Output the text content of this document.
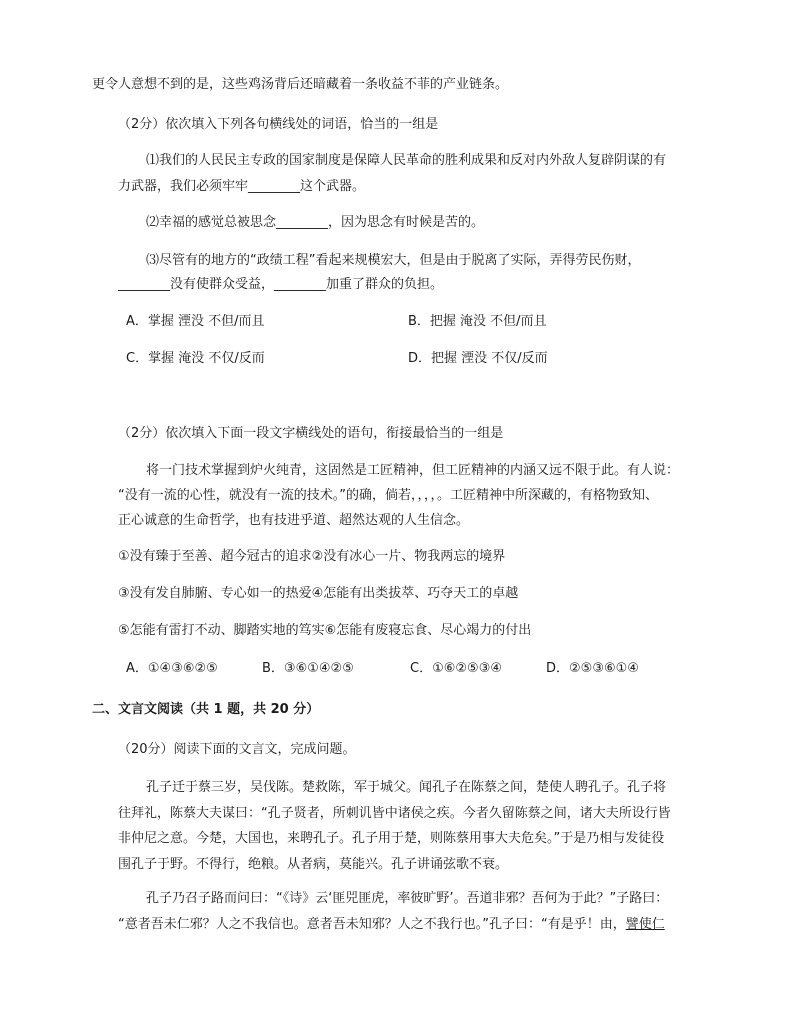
更令人意想不到的是，这些鸡汤背后还暗藏着一条收益不菲的产业链条。
（2分）依次填入下列各句横线处的词语，恰当的一组是
⑴我们的人民民主专政的国家制度是保障人民革命的胜利成果和反对内外敌人复辟阴谋的有
力武器，我们必须牢牢________这个武器。
⑵幸福的感觉总被思念________，因为思念有时候是苦的。
⑶尽管有的地方的“政绩工程”看起来规模宏大，但是由于脱离了实际，弄得劳民伤财，
________没有使群众受益，________加重了群众的负担。
A．掌握 湮没 不但/而且	B．把握 淹没 不但/而且
C．掌握 淹没 不仅/反而	D．把握 湮没 不仅/反而
（2分）依次填入下面一段文字横线处的语句，衔接最恰当的一组是
将一门技术掌握到炉火纯青，这固然是工匠精神，但工匠精神的内涵又远不限于此。有人说：
“没有一流的心性，就没有一流的技术。”的确，倘若，，，，。工匠精神中所深藏的，有格物致知、
正心诚意的生命哲学，也有技进乎道、超然达观的人生信念。
①没有臻于至善、超今冠古的追求②没有冰心一片、物我两忘的境界
③没有发自肺腑、专心如一的热爱④怎能有出类拔萃、巧夺天工的卓越
⑤怎能有雷打不动、脚踏实地的笃实⑥怎能有废寝忘食、尽心竭力的付出
A．①④③⑥②⑤	B．③⑥①④②⑤	C．①⑥②⑤③④	D．②⑤③⑥①④
二、文言文阅读（共 1 题，共 20 分）
（20分）阅读下面的文言文，完成问题。
孔子迁于蔡三岁，吴伐陈。楚救陈，军于城父。闻孔子在陈蔡之间，楚使人聘孔子。孔子将
往拜礼，陈蔡大夫谋曰：“孔子贤者，所刺讥皆中诸侯之疾。今者久留陈蔡之间，诸大夫所设行皆
非仲尼之意。今楚，大国也，来聘孔子。孔子用于楚，则陈蔡用事大夫危矣。”于是乃相与发徒役
围孔子于野。不得行，绝粮。从者病，莫能兴。孔子讲诵弦歌不衰。
孔子乃召子路而问曰：“《诗》云‘匪兕匪虎，率彼旷野’。吾道非邪？吾何为于此？”子路曰：
“意者吾未仁邪？人之不我信也。意者吾未知邪？人之不我行也。”孔子曰：“有是乎！由，譬使仁
